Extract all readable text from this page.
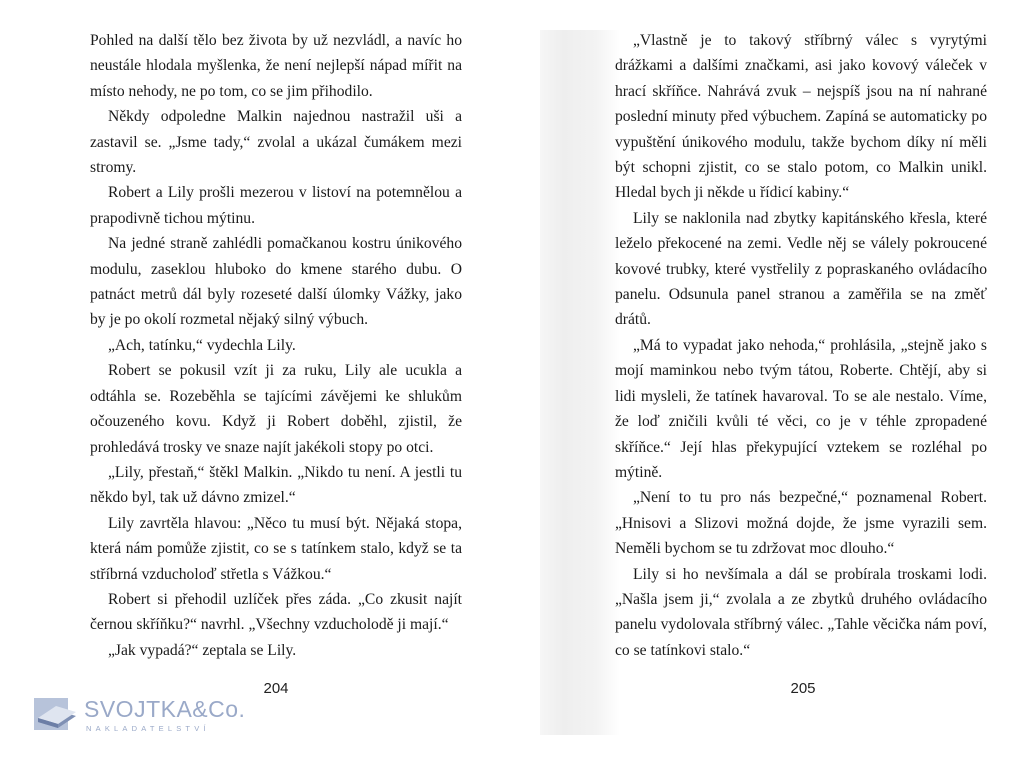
Pohled na další tělo bez života by už nezvládl, a navíc ho neustále hlodala myšlenka, že není nejlepší nápad mířit na místo nehody, ne po tom, co se jim přihodilo.

Někdy odpoledne Malkin najednou nastražil uši a zastavil se. „Jsme tady,“ zvolal a ukázal čumákem mezi stromy.

Robert a Lily prošli mezerou v listoví na potemnělou a prapodivně tichou mýtinu.

Na jedné straně zahlédli pomačkanou kostru únikového modulu, zaseklou hluboko do kmene starého dubu. O patnáct metrů dál byly rozeseté další úlomky Vážky, jako by je po okolí rozmetal nějaký silný výbuch.

„Ach, tatínku,“ vydechla Lily.

Robert se pokusil vzít ji za ruku, Lily ale ucukla a odtáhla se. Rozeběhla se tajícími závějemi ke shlukům očouzeného kovu. Když ji Robert doběhl, zjistil, že prohledává trosky ve snaze najít jakékoli stopy po otci.

„Lily, přestaň,“ štěkl Malkin. „Nikdo tu není. A jestli tu někdo byl, tak už dávno zmizel.“

Lily zavrtěla hlavou: „Něco tu musí být. Nějaká stopa, která nám pomůže zjistit, co se s tatínkem stalo, když se ta stříbrná vzducholoď střetla s Vážkou.“

Robert si přehodil uzlíček přes záda. „Co zkusit najít černou skříňku?“ navrhl. „Všechny vzducholodě ji mají.“

„Jak vypadá?“ zeptala se Lily.

204

„Vlastně je to takový stříbrný válec s vyrytými drážkami a dalšími značkami, asi jako kovový váleček v hrací skříňce. Nahrává zvuk – nejspíš jsou na ní nahrané poslední minuty před výbuchem. Zapíná se automaticky po vypuštění únikového modulu, takže bychom díky ní měli být schopni zjistit, co se stalo potom, co Malkin unikl. Hledal bych ji někde u řídicí kabiny.“

Lily se naklonila nad zbytky kapitánského křesla, které leželo překocené na zemi. Vedle něj se válely pokroucené kovové trubky, které vystřelily z popraskaného ovládacího panelu. Odsunula panel stranou a zaměřila se na změť drátů.

„Má to vypadat jako nehoda,“ prohlásila, „stejně jako s mojí maminkou nebo tvým tátou, Roberte. Chtějí, aby si lidi mysleli, že tatínek havaroval. To se ale nestalo. Víme, že loď zničili kvůli té věci, co je v téhle zpropadené skříňce.“ Její hlas překypující vztekem se rozléhal po mýtině.

„Není to tu pro nás bezpečné,“ poznamenal Robert. „Hnisovi a Slizovi možná dojde, že jsme vyrazili sem. Neměli bychom se tu zdržovat moc dlouho.“

Lily si ho nevšímala a dál se probírala troskami lodi. „Našla jsem ji,“ zvolala a ze zbytků druhého ovládacího panelu vydolovala stříbrný válec. „Tahle věcička nám poví, co se tatínkovi stalo.“

205
SVOJTKA&Co.
NAKLADATELSTVÍ
